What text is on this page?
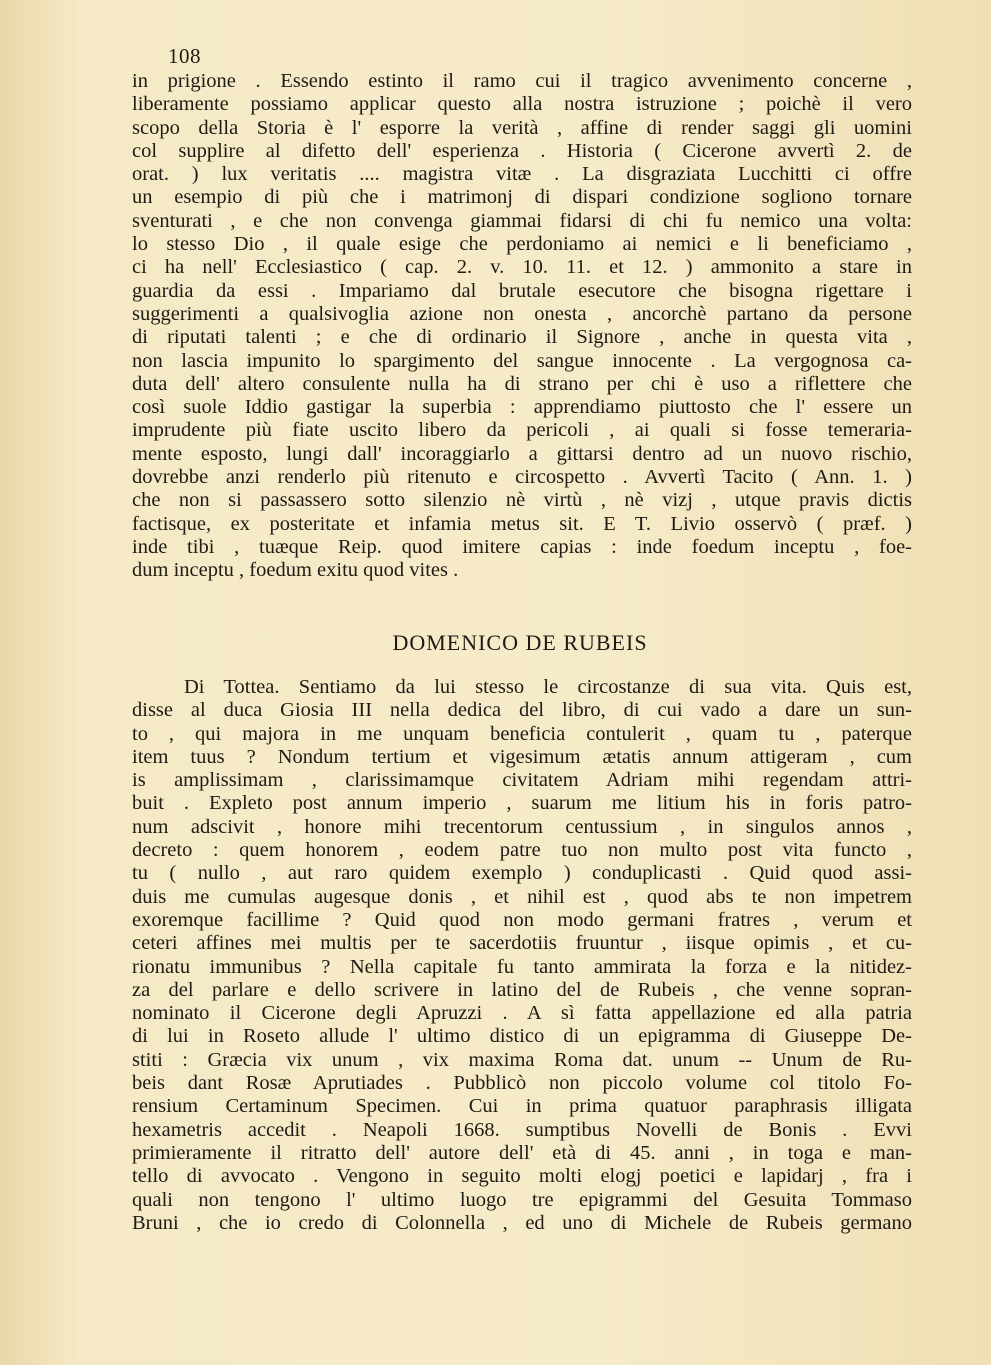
108
in prigione . Essendo estinto il ramo cui il tragico avvenimento concerne ,
liberamente possiamo applicar questo alla nostra istruzione ; poichè il vero
scopo della Storia è l' esporre la verità , affine di render saggi gli uomini
col supplire al difetto dell' esperienza . Historia ( Cicerone avvertì 2. de
orat. ) lux veritatis .... magistra vitæ . La disgraziata Lucchitti ci offre
un esempio di più che i matrimonj di dispari condizione sogliono tornare
sventurati , e che non convenga giammai fidarsi di chi fu nemico una volta:
lo stesso Dio , il quale esige che perdoniamo ai nemici e li beneficiamo ,
ci ha nell' Ecclesiastico ( cap. 2. v. 10. 11. et 12. ) ammonito a stare in
guardia da essi . Impariamo dal brutale esecutore che bisogna rigettare i
suggerimenti a qualsivoglia azione non onesta , ancorchè partano da persone
di riputati talenti ; e che di ordinario il Signore , anche in questa vita ,
non lascia impunito lo spargimento del sangue innocente . La vergognosa ca-
duta dell' altero consulente nulla ha di strano per chi è uso a riflettere che
così suole Iddio gastigar la superbia : apprendiamo piuttosto che l' essere un
imprudente più fiate uscito libero da pericoli , ai quali si fosse temeraria-
mente esposto, lungi dall' incoraggiarlo a gittarsi dentro ad un nuovo rischio,
dovrebbe anzi renderlo più ritenuto e circospetto . Avvertì Tacito ( Ann. 1. )
che non si passassero sotto silenzio nè virtù , nè vizj , utque pravis dictis
factisque, ex posteritate et infamia metus sit. E T. Livio osservò ( præf. )
inde tibi , tuæque Reip. quod imitere capias : inde foedum inceptu , foe-
dum inceptu , foedum exitu quod vites .
DOMENICO DE RUBEIS
Di Tottea. Sentiamo da lui stesso le circostanze di sua vita. Quis est,
disse al duca Giosia III nella dedica del libro, di cui vado a dare un sun-
to , qui majora in me unquam beneficia contulerit , quam tu , paterque
item tuus ? Nondum tertium et vigesimum ætatis annum attigeram , cum
is amplissimam , clarissimamque civitatem Adriam mihi regendam attri-
buit . Expleto post annum imperio , suarum me litium his in foris patro-
num adscivit , honore mihi trecentorum centussium , in singulos annos ,
decreto : quem honorem , eodem patre tuo non multo post vita functo ,
tu ( nullo , aut raro quidem exemplo ) conduplicasti . Quid quod assi-
duis me cumulas augesque donis , et nihil est , quod abs te non impetrem
exoremque facillime ? Quid quod non modo germani fratres , verum et
ceteri affines mei multis per te sacerdotiis fruuntur , iisque opimis , et cu-
rionatu immunibus ? Nella capitale fu tanto ammirata la forza e la nitidez-
za del parlare e dello scrivere in latino del de Rubeis , che venne sopran-
nominato il Cicerone degli Apruzzi . A sì fatta appellazione ed alla patria
di lui in Roseto allude l' ultimo distico di un epigramma di Giuseppe De-
stiti : Græcia vix unum , vix maxima Roma dat. unum -- Unum de Ru-
beis dant Rosæ Aprutiades . Pubblicò non piccolo volume col titolo Fo-
rensium Certaminum Specimen. Cui in prima quatuor paraphrasis illigata
hexametris accedit . Neapoli 1668. sumptibus Novelli de Bonis . Evvi
primieramente il ritratto dell' autore dell' età di 45. anni , in toga e man-
tello di avvocato . Vengono in seguito molti elogj poetici e lapidarj , fra i
quali non tengono l' ultimo luogo tre epigrammi del Gesuita Tommaso
Bruni , che io credo di Colonnella , ed uno di Michele de Rubeis germano
